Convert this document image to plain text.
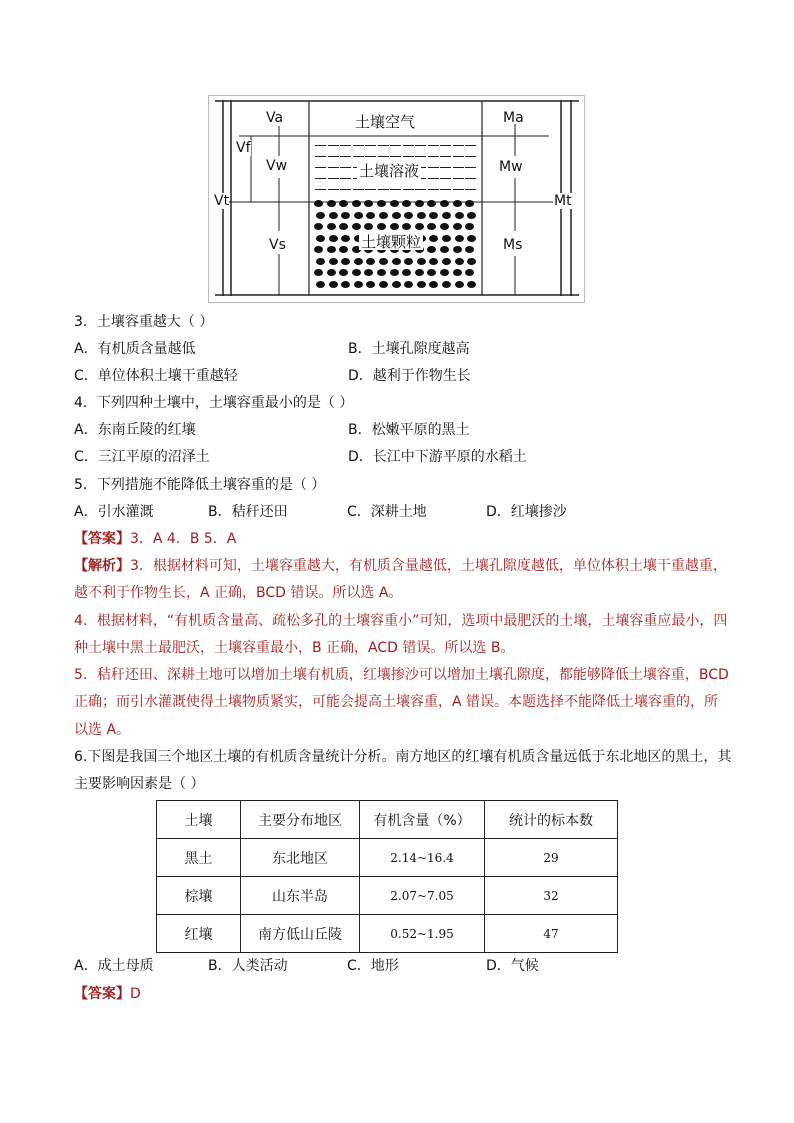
Va
Vf
Vw
Vt
Vs
Ma
Mw
Mt
Ms
土壤空气
土壤溶液
土壤颗粒
3．土壤容重越大（ ）
A．有机质含量越低	B．土壤孔隙度越高
C．单位体积土壤干重越轻	D．越利于作物生长
4．下列四种土壤中，土壤容重最小的是（ ）
A．东南丘陵的红壤	B．松嫩平原的黑土
C．三江平原的沼泽土	D．长江中下游平原的水稻土
5．下列措施不能降低土壤容重的是（ ）
A．引水灌溉	B．秸秆还田	C．深耕土地	D．红壤掺沙
【答案】3．A 4．B 5．A
【解析】3．根据材料可知，土壤容重越大，有机质含量越低，土壤孔隙度越低，单位体积土壤干重越重，
越不利于作物生长，A 正确，BCD 错误。所以选 A。
4．根据材料，“有机质含量高、疏松多孔的土壤容重小”可知，选项中最肥沃的土壤，土壤容重应最小，四
种土壤中黑土最肥沃，土壤容重最小，B 正确，ACD 错误。所以选 B。
5．秸秆还田、深耕土地可以增加土壤有机质，红壤掺沙可以增加土壤孔隙度，都能够降低土壤容重，BCD
正确；而引水灌溉使得土壤物质紧实，可能会提高土壤容重，A 错误。本题选择不能降低土壤容重的，所
以选 A。
6.下图是我国三个地区土壤的有机质含量统计分析。南方地区的红壤有机质含量远低于东北地区的黑土，其
主要影响因素是（ ）
土壤	主要分布地区	有机含量（%）	统计的标本数
黑土	东北地区	2.14~16.4	29
棕壤	山东半岛	2.07~7.05	32
红壤	南方低山丘陵	0.52~1.95	47
A．成土母质	B．人类活动	C．地形	D．气候
【答案】D
